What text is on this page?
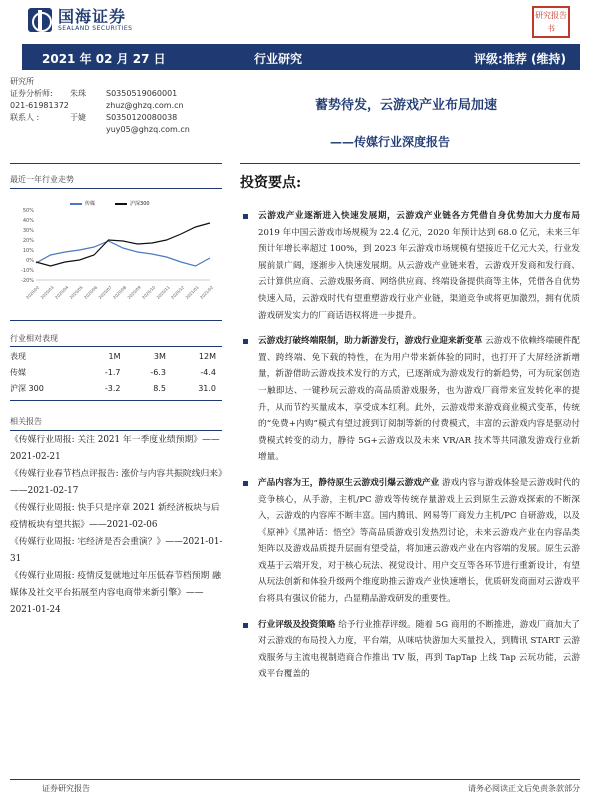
国海证券
SEALAND SECURITIES
研究报告书
2021 年 02 月 27 日	行业研究	评级:推荐 (维持)
研究所
证券分析师: 朱珠	S0350519060001
021-61981372	zhuz@ghzq.com.cn
联系人 :	于婕	S0350120080038
yuy05@ghzq.com.cn
蓄势待发，云游戏产业布局加速
——传媒行业深度报告
最近一年行业走势
传媒	沪深300
-20%
-10%
0%
10%
20%
30%
40%
50%
2020/02 2020/03 2020/04 2020/05 2020/06 2020/07 2020/08 2020/09 2020/10 2020/11 2020/12 2021/01 2021/02
行业相对表现
表现	1M	3M	12M
传媒	-1.7	-6.3	-4.4
沪深 300	-3.2	8.5	31.0
相关报告

《传媒行业周报: 关注 2021 年一季度业绩预期》——2021-02-21

《传媒行业春节档点评报告: 涨价与内容共振院线归来》——2021-02-17

《传媒行业周报: 快手只是序章 2021 新经济板块与后疫情板块有望共振》——2021-02-06

《传媒行业周报: 宅经济是否会重演？》——2021-01-31

《传媒行业周报: 疫情反复就地过年压低春节档预期 融媒体及社交平台拓展至内容电商带来新引擎》——2021-01-24

投资要点:
云游戏产业逐渐进入快速发展期，云游戏产业链各方凭借自身优势加大力度布局 2019 年中国云游戏市场规模为 22.4 亿元，2020 年预计达到 68.0 亿元，未来三年预计年增长率超过 100%，到 2023 年云游戏市场规模有望接近千亿元大关，行业发展前景广阔，逐渐步入快速发展期。从云游戏产业链来看，云游戏开发商和发行商、云计算供应商、云游戏服务商、网络供应商、终端设备提供商等主体，凭借各自优势快速入局，云游戏时代有望重塑游戏行业产业链，渠道竞争或将更加激烈，拥有优质游戏研发实力的厂商话语权将进一步提升。
云游戏打破终端限制，助力新游发行，游戏行业迎来新变革 云游戏不依赖终端硬件配置、跨终端、免下载的特性，在为用户带来新体验的同时，也打开了大屏经济新增量，新游借助云游戏技术发行的方式，已逐渐成为游戏发行的新趋势，可为玩家创造一触即达、一键秒玩云游戏的高品质游戏服务，也为游戏厂商带来宣发转化率的提升，从而节约买量成本，享受成本红利。此外，云游戏带来游戏商业模式变革，传统的“免费+内购”模式有望过渡到订阅制等新的付费模式，丰富的云游戏内容是驱动付费模式转变的动力，静待 5G+云游戏以及未来 VR/AR 技术等共同激发游戏行业新增量。
产品内容为王，静待原生云游戏引爆云游戏产业 游戏内容与游戏体验是云游戏时代的竞争核心，从手游，主机/PC 游戏等传统存量游戏上云到原生云游戏探索的不断深入，云游戏的内容库不断丰富。国内腾讯、网易等厂商发力主机/PC 自研游戏，以及《原神》《黑神话：悟空》等高品质游戏引发热烈讨论，未来云游戏产业在内容品类矩阵以及游戏品质提升层面有望受益，将加速云游戏产业在内容端的发展。原生云游戏基于云端开发，对于核心玩法、视觉设计、用户交互等各环节进行重新设计，有望从玩法创新和体验升级两个维度助推云游戏产业快速增长，优质研发商面对云游戏平台将具有强议价能力，凸显精品游戏研发的重要性。
行业评级及投资策略 给予行业推荐评级。随着 5G 商用的不断推进，游戏厂商加大了对云游戏的布局投入力度，平台端，从咪咕快游加大买量投入，到腾讯 START 云游戏服务与主流电视制造商合作推出 TV 版，再到 TapTap 上线 Tap 云玩功能，云游戏平台覆盖的
证券研究报告	请务必阅读正文后免责条款部分
